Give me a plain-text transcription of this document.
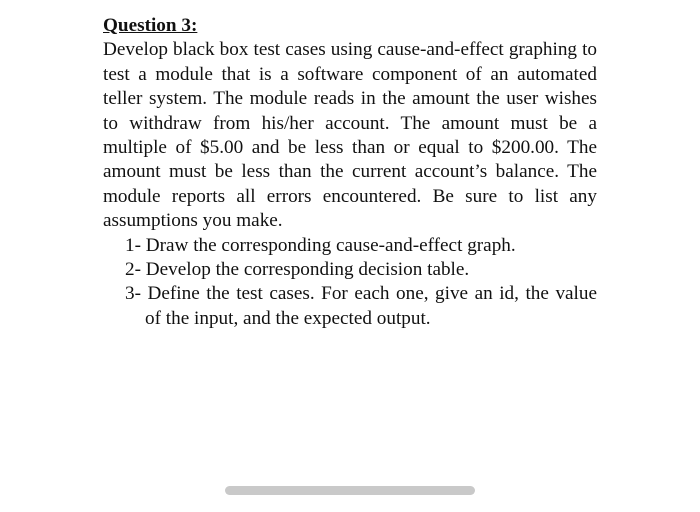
Question 3:

Develop black box test cases using cause-and-effect graphing to test a module that is a software component of an automated teller system. The module reads in the amount the user wishes to withdraw from his/her account. The amount must be a multiple of $5.00 and be less than or equal to $200.00. The amount must be less than the current account’s balance. The module reports all errors encountered. Be sure to list any assumptions you make.

1- Draw the corresponding cause-and-effect graph.
2- Develop the corresponding decision table.
3- Define the test cases. For each one, give an id, the value of the input, and the expected output.
